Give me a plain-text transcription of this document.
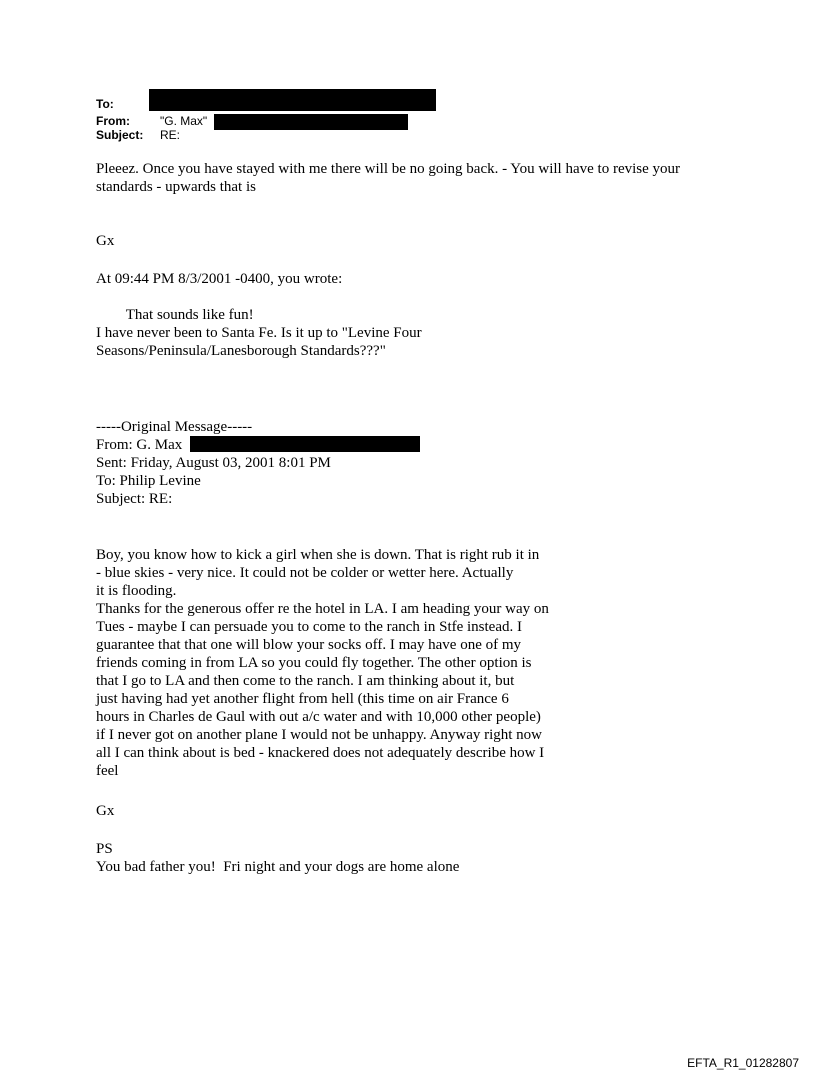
To:
From:	"G. Max"
Subject: RE:
Pleeez. Once you have stayed with me there will be no going back. - You will have to revise your
standards - upwards that is
Gx
At 09:44 PM 8/3/2001 -0400, you wrote:
That sounds like fun!
I have never been to Santa Fe. Is it up to "Levine Four
Seasons/Peninsula/Lanesborough Standards???"
-----Original Message-----
From: G. Max
Sent: Friday, August 03, 2001 8:01 PM
To: Philip Levine
Subject: RE:
Boy, you know how to kick a girl when she is down. That is right rub it in
- blue skies - very nice. It could not be colder or wetter here. Actually
it is flooding.
Thanks for the generous offer re the hotel in LA. I am heading your way on
Tues - maybe I can persuade you to come to the ranch in Stfe instead. I
guarantee that that one will blow your socks off. I may have one of my
friends coming in from LA so you could fly together. The other option is
that I go to LA and then come to the ranch. I am thinking about it, but
just having had yet another flight from hell (this time on air France 6
hours in Charles de Gaul with out a/c water and with 10,000 other people)
if I never got on another plane I would not be unhappy. Anyway right now
all I can think about is bed - knackered does not adequately describe how I
feel
Gx
PS
You bad father you!  Fri night and your dogs are home alone
EFTA_R1_01282807
